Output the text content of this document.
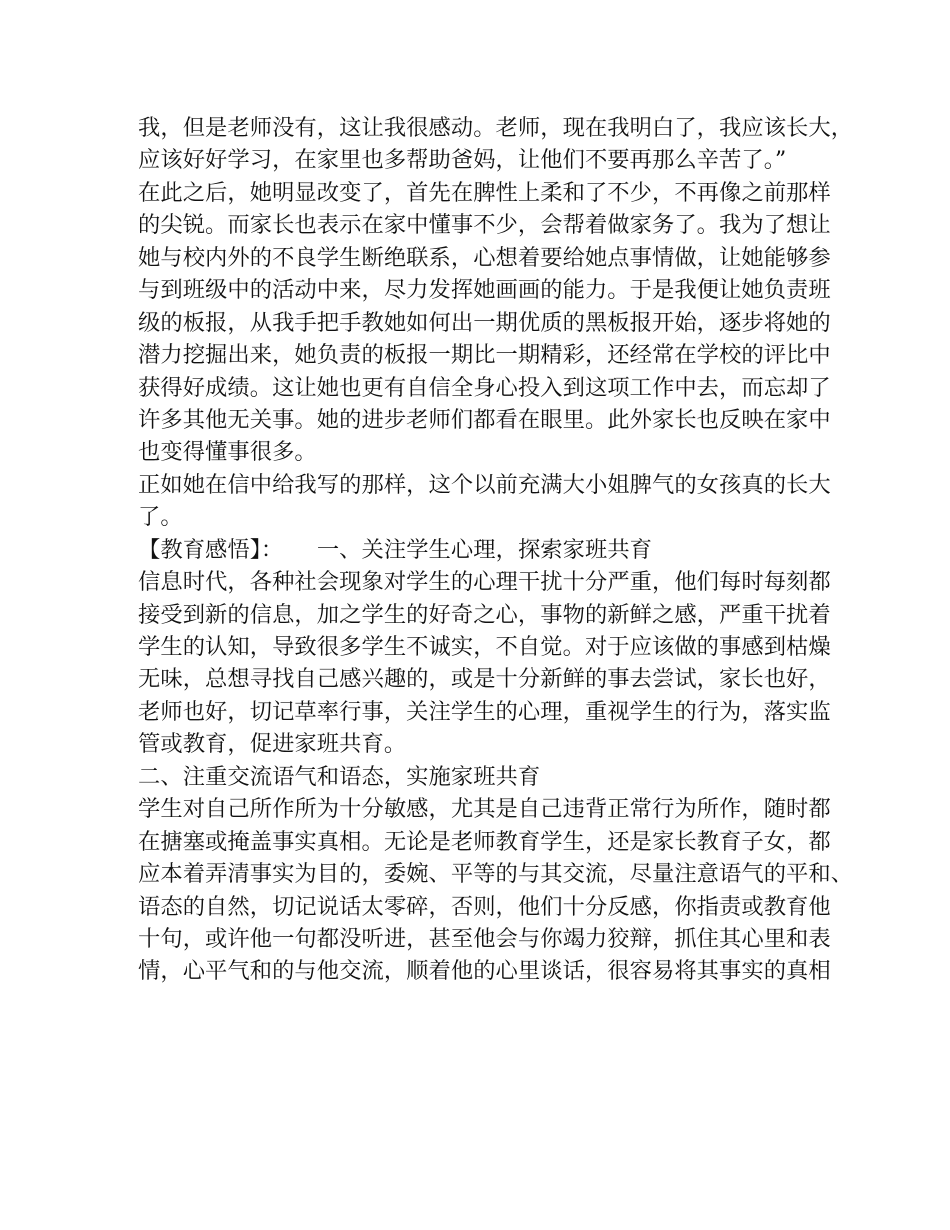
我，但是老师没有，这让我很感动。老师，现在我明白了，我应该长大，
应该好好学习，在家里也多帮助爸妈，让他们不要再那么辛苦了。”
在此之后，她明显改变了，首先在脾性上柔和了不少，不再像之前那样
的尖锐。而家长也表示在家中懂事不少，会帮着做家务了。我为了想让
她与校内外的不良学生断绝联系，心想着要给她点事情做，让她能够参
与到班级中的活动中来，尽力发挥她画画的能力。于是我便让她负责班
级的板报，从我手把手教她如何出一期优质的黑板报开始，逐步将她的
潜力挖掘出来，她负责的板报一期比一期精彩，还经常在学校的评比中
获得好成绩。这让她也更有自信全身心投入到这项工作中去，而忘却了
许多其他无关事。她的进步老师们都看在眼里。此外家长也反映在家中
也变得懂事很多。
正如她在信中给我写的那样，这个以前充满大小姐脾气的女孩真的长大
了。
【教育感悟】：　　一、关注学生心理，探索家班共育
信息时代，各种社会现象对学生的心理干扰十分严重，他们每时每刻都
接受到新的信息，加之学生的好奇之心，事物的新鲜之感，严重干扰着
学生的认知，导致很多学生不诚实，不自觉。对于应该做的事感到枯燥
无味，总想寻找自己感兴趣的，或是十分新鲜的事去尝试，家长也好，
老师也好，切记草率行事，关注学生的心理，重视学生的行为，落实监
管或教育，促进家班共育。
二、注重交流语气和语态，实施家班共育
学生对自己所作所为十分敏感，尤其是自己违背正常行为所作，随时都
在搪塞或掩盖事实真相。无论是老师教育学生，还是家长教育子女，都
应本着弄清事实为目的，委婉、平等的与其交流，尽量注意语气的平和、
语态的自然，切记说话太零碎，否则，他们十分反感，你指责或教育他
十句，或许他一句都没听进，甚至他会与你竭力狡辩，抓住其心里和表
情，心平气和的与他交流，顺着他的心里谈话，很容易将其事实的真相
